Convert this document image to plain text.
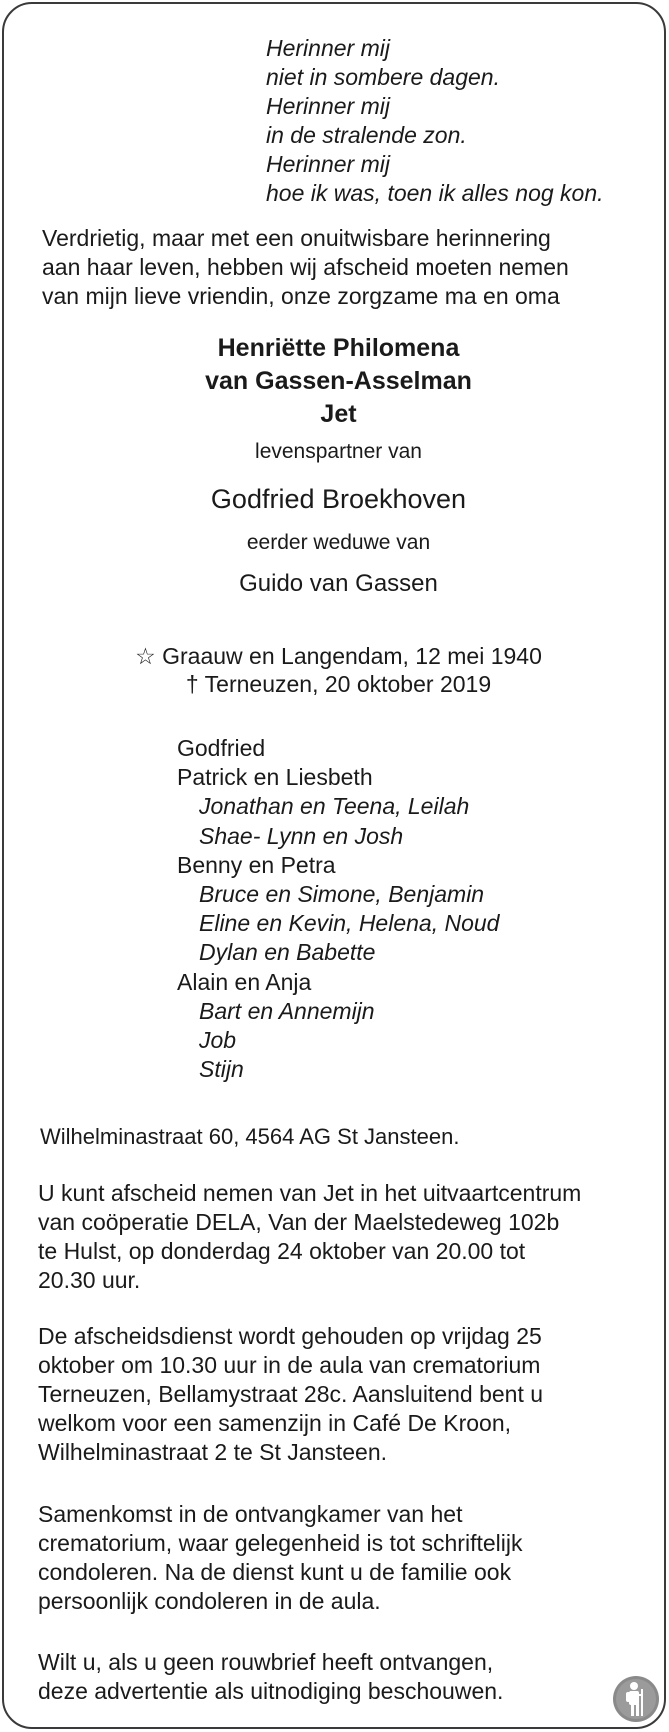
Herinner mij
niet in sombere dagen.
Herinner mij
in de stralende zon.
Herinner mij
hoe ik was, toen ik alles nog kon.
Verdrietig, maar met een onuitwisbare herinnering
aan haar leven, hebben wij afscheid moeten nemen
van mijn lieve vriendin, onze zorgzame ma en oma
Henriëtte Philomena
van Gassen-Asselman
Jet
levenspartner van
Godfried Broekhoven
eerder weduwe van
Guido van Gassen
☆ Graauw en Langendam, 12 mei 1940
† Terneuzen, 20 oktober 2019
Godfried
Patrick en Liesbeth
Jonathan en Teena, Leilah
Shae- Lynn en Josh
Benny en Petra
Bruce en Simone, Benjamin
Eline en Kevin, Helena, Noud
Dylan en Babette
Alain en Anja
Bart en Annemijn
Job
Stijn
Wilhelminastraat 60, 4564 AG St Jansteen.
U kunt afscheid nemen van Jet in het uitvaartcentrum
van coöperatie DELA, Van der Maelstedeweg 102b
te Hulst, op donderdag 24 oktober van 20.00 tot
20.30 uur.
De afscheidsdienst wordt gehouden op vrijdag 25
oktober om 10.30 uur in de aula van crematorium
Terneuzen, Bellamystraat 28c. Aansluitend bent u
welkom voor een samenzijn in Café De Kroon,
Wilhelminastraat 2 te St Jansteen.
Samenkomst in de ontvangkamer van het
crematorium, waar gelegenheid is tot schriftelijk
condoleren. Na de dienst kunt u de familie ook
persoonlijk condoleren in de aula.
Wilt u, als u geen rouwbrief heeft ontvangen,
deze advertentie als uitnodiging beschouwen.
